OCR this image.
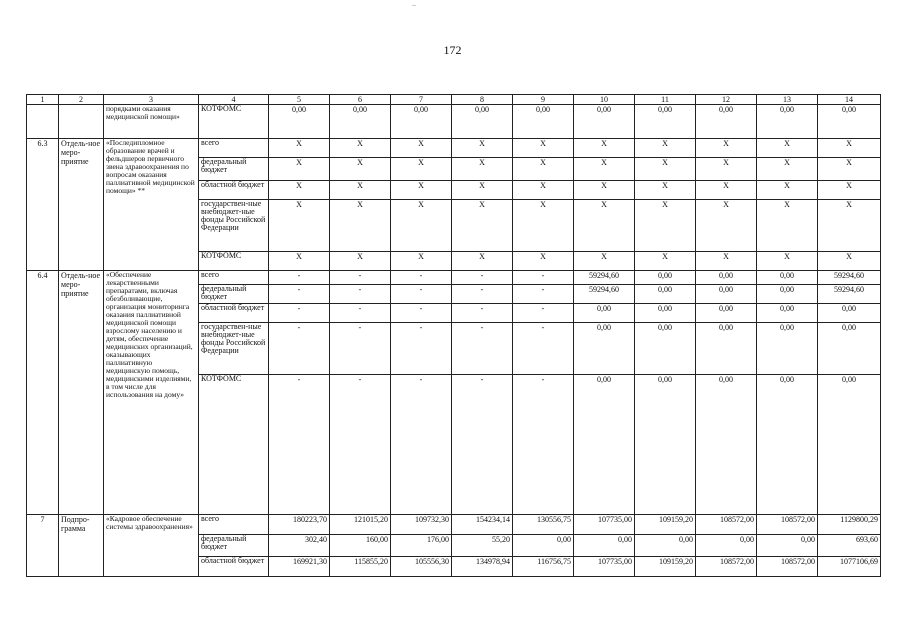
–
172
1	2	3	4	5	6	7	8	9	10	11	12	13	14
		порядками оказания медицинской помощи»	КОТФОМС	0,00	0,00	0,00	0,00	0,00	0,00	0,00	0,00	0,00	0,00
6.3	Отдель-ное меро-приятие	«Последипломное образование врачей и фельдшеров первичного звена здравоохранения по вопросам оказания паллиативной медицинской помощи» **	всего	X	X	X	X	X	X	X	X	X	X
			федеральный бюджет	X	X	X	X	X	X	X	X	X	X
			областной бюджет	X	X	X	X	X	X	X	X	X	X
			государствен-ные внебюджет-ные фонды Российской Федерации	X	X	X	X	X	X	X	X	X	X
			КОТФОМС	X	X	X	X	X	X	X	X	X	X
6.4	Отдель-ное меро-приятие	«Обеспечение лекарственными препаратами, включая обезболивающие, организация мониторинга оказания паллиативной медицинской помощи взрослому населению и детям, обеспечение медицинских организаций, оказывающих паллиативную медицинскую помощь, медицинскими изделиями, в том числе для использования на дому»	всего	-	-	-	-	-	59294,60	0,00	0,00	0,00	59294,60
			федеральный бюджет	-	-	-	-	-	59294,60	0,00	0,00	0,00	59294,60
			областной бюджет	-	-	-	-	-	0,00	0,00	0,00	0,00	0,00
			государствен-ные внебюджет-ные фонды Российской Федерации	-	-	-	-	-	0,00	0,00	0,00	0,00	0,00
			КОТФОМС	-	-	-	-	-	0,00	0,00	0,00	0,00	0,00
7	Подпро-грамма	«Кадровое обеспечение системы здравоохранения»	всего	180223,70	121015,20	109732,30	154234,14	130556,75	107735,00	109159,20	108572,00	108572,00	1129800,29
			федеральный бюджет	302,40	160,00	176,00	55,20	0,00	0,00	0,00	0,00	0,00	693,60
			областной бюджет	169921,30	115855,20	105556,30	134978,94	116756,75	107735,00	109159,20	108572,00	108572,00	1077106,69
